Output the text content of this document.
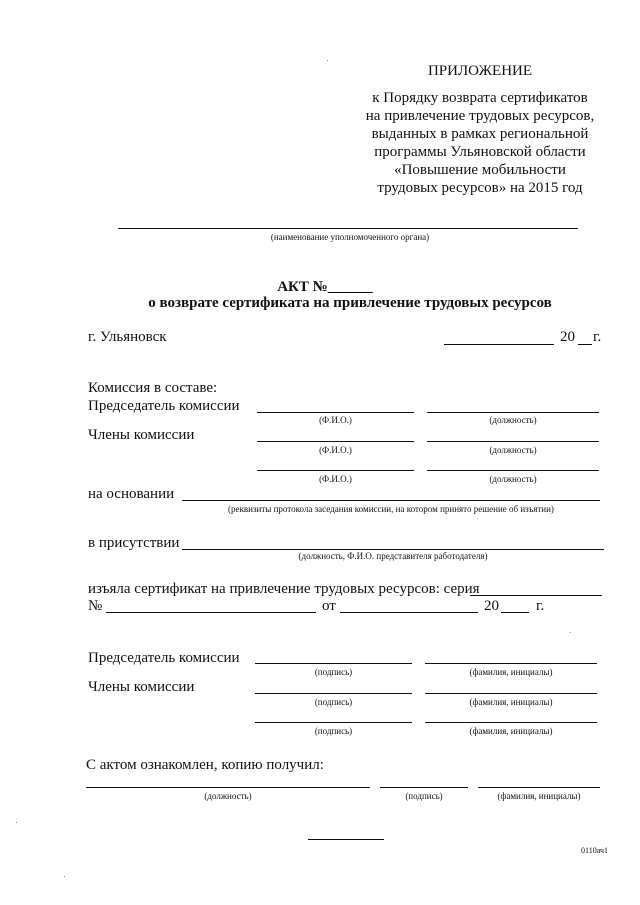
ПРИЛОЖЕНИЕ
к Порядку возврата сертификатов
на привлечение трудовых ресурсов,
выданных в рамках региональной
программы Ульяновской области
«Повышение мобильности
трудовых ресурсов» на 2015 год
(наименование уполномоченного органа)
АКТ №______
о возврате сертификата на привлечение трудовых ресурсов
г. Ульяновск	20 г.
Комиссия в составе:
Председатель комиссии
(Ф.И.О.)	(должность)
Члены комиссии
(Ф.И.О.)	(должность)
(Ф.И.О.)	(должность)
на основании
(реквизиты протокола заседания комиссии, на котором принято решение об изъятии)
в присутствии
(должность, Ф.И.О. представителя работодателя)
изъяла сертификат на привлечение трудовых ресурсов: серия
№	от	20 г.
Председатель комиссии
(подпись)	(фамилия, инициалы)
Члены комиссии
(подпись)	(фамилия, инициалы)
(подпись)	(фамилия, инициалы)
С актом ознакомлен, копию получил:
(должность)	(подпись)	(фамилия, инициалы)
0110ач1
